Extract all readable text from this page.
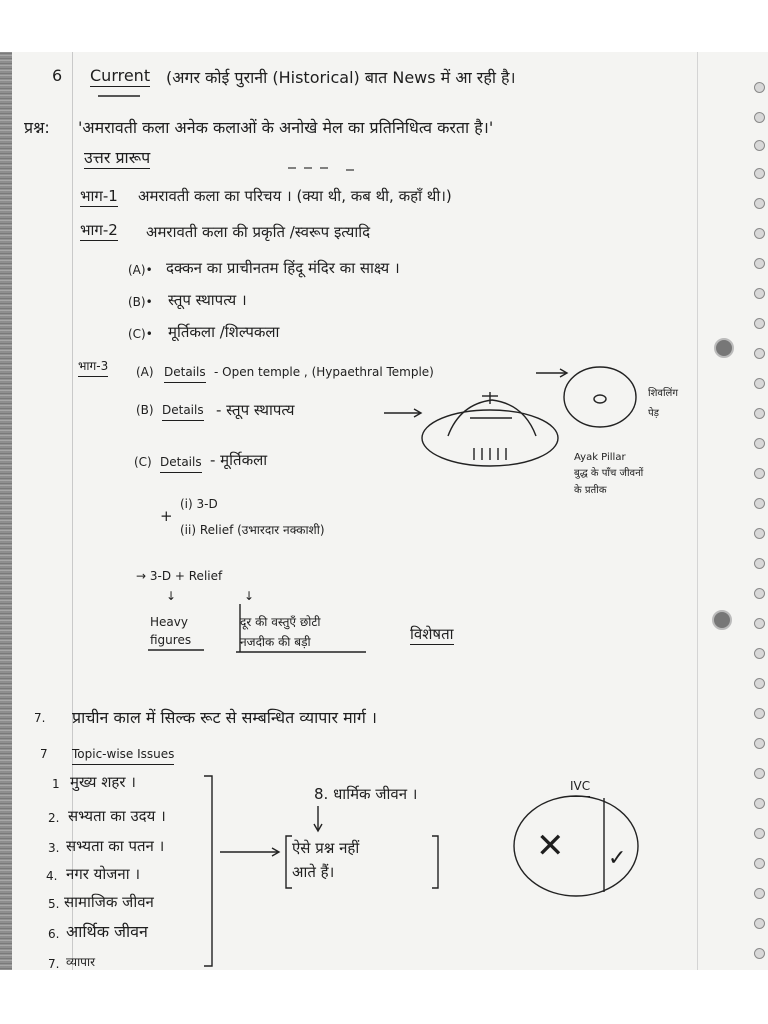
6 Current (अगर कोई पुरानी (Historical) बात News में आ रही है।
प्रश्न: 'अमरावती कला अनेक कलाओं के अनोखे मेल का प्रतिनिधित्व करता है।'
उत्तर प्रारूप
भाग-1 अमरावती कला का परिचय । (क्या थी, कब थी, कहाँ थी।)
भाग-2 अमरावती कला की प्रकृति /स्वरूप इत्यादि
(A)• दक्कन का प्राचीनतम हिंदू मंदिर का साक्ष्य ।
(B)• स्तूप स्थापत्य ।
(C)• मूर्तिकला /शिल्पकला
भाग-3 (A) Details - Open temple , (Hypaethral Temple)
(B) Details - स्तूप स्थापत्य
(C) Details - मूर्तिकला
शिवलिंग
पेड़
Ayak Pillar
बुद्ध के पाँच जीवनों
के प्रतीक
+
(i) 3-D
(ii) Relief (उभारदार नक्काशी)
→ 3-D + Relief
↓	↓
Heavy
figures
दूर की वस्तुएँ छोटी
नजदीक की बड़ी	विशेषता
7. प्राचीन काल में सिल्क रूट से सम्बन्धित व्यापार मार्ग ।
7 Topic-wise Issues
1 मुख्य शहर ।
2. सभ्यता का उदय ।
3. सभ्यता का पतन ।
4. नगर योजना ।
5. सामाजिक जीवन
6. आर्थिक जीवन
7. व्यापार
8. धार्मिक जीवन ।
ऐसे प्रश्न नहीं
आते हैं।
IVC
✕ ✓
